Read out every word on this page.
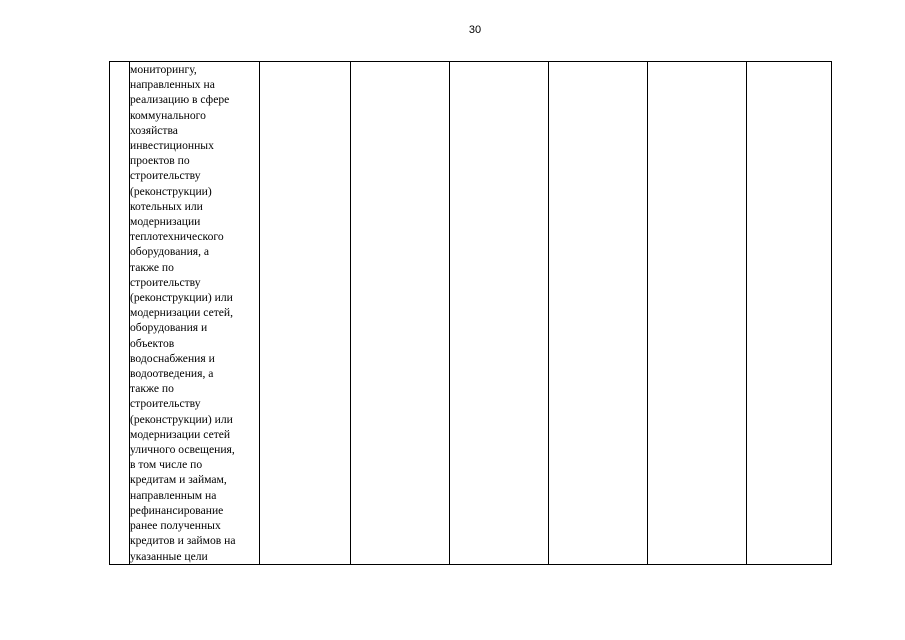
30

мониторингу,
направленных на
реализацию в сфере
коммунального
хозяйства
инвестиционных
проектов по
строительству
(реконструкции)
котельных или
модернизации
теплотехнического
оборудования, а
также по
строительству
(реконструкции) или
модернизации сетей,
оборудования и
объектов
водоснабжения и
водоотведения, а
также по
строительству
(реконструкции) или
модернизации сетей
уличного освещения,
в том числе по
кредитам и займам,
направленным на
рефинансирование
ранее полученных
кредитов и займов на
указанные цели
